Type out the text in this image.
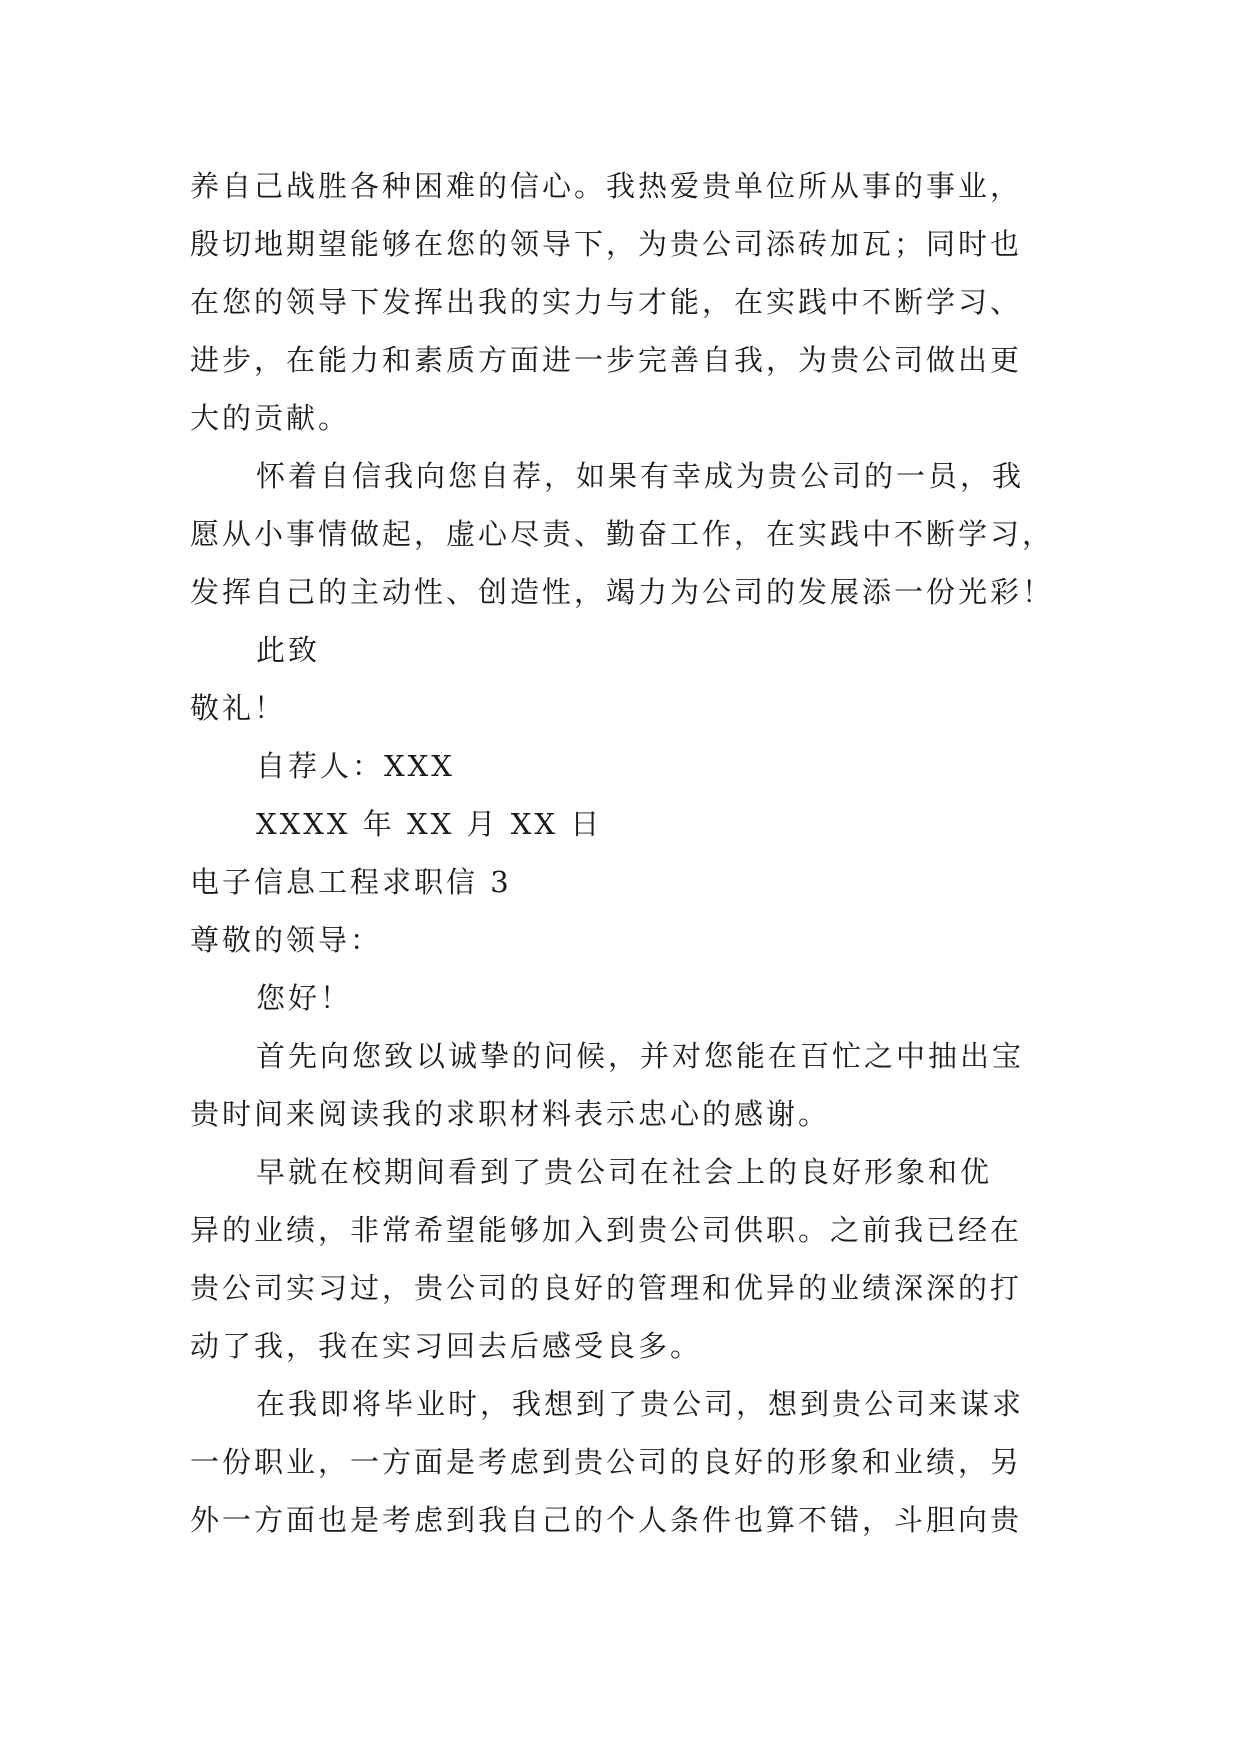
养自己战胜各种困难的信心。我热爱贵单位所从事的事业，
殷切地期望能够在您的领导下，为贵公司添砖加瓦；同时也
在您的领导下发挥出我的实力与才能，在实践中不断学习、
进步，在能力和素质方面进一步完善自我，为贵公司做出更
大的贡献。
怀着自信我向您自荐，如果有幸成为贵公司的一员，我
愿从小事情做起，虚心尽责、勤奋工作，在实践中不断学习，
发挥自己的主动性、创造性，竭力为公司的发展添一份光彩！
此致
敬礼！
自荐人：XXX
XXXX 年 XX 月 XX 日
电子信息工程求职信 3
尊敬的领导：
您好！
首先向您致以诚挚的问候，并对您能在百忙之中抽出宝
贵时间来阅读我的求职材料表示忠心的感谢。
早就在校期间看到了贵公司在社会上的良好形象和优
异的业绩，非常希望能够加入到贵公司供职。之前我已经在
贵公司实习过，贵公司的良好的管理和优异的业绩深深的打
动了我，我在实习回去后感受良多。
在我即将毕业时，我想到了贵公司，想到贵公司来谋求
一份职业，一方面是考虑到贵公司的良好的形象和业绩，另
外一方面也是考虑到我自己的个人条件也算不错，斗胆向贵
